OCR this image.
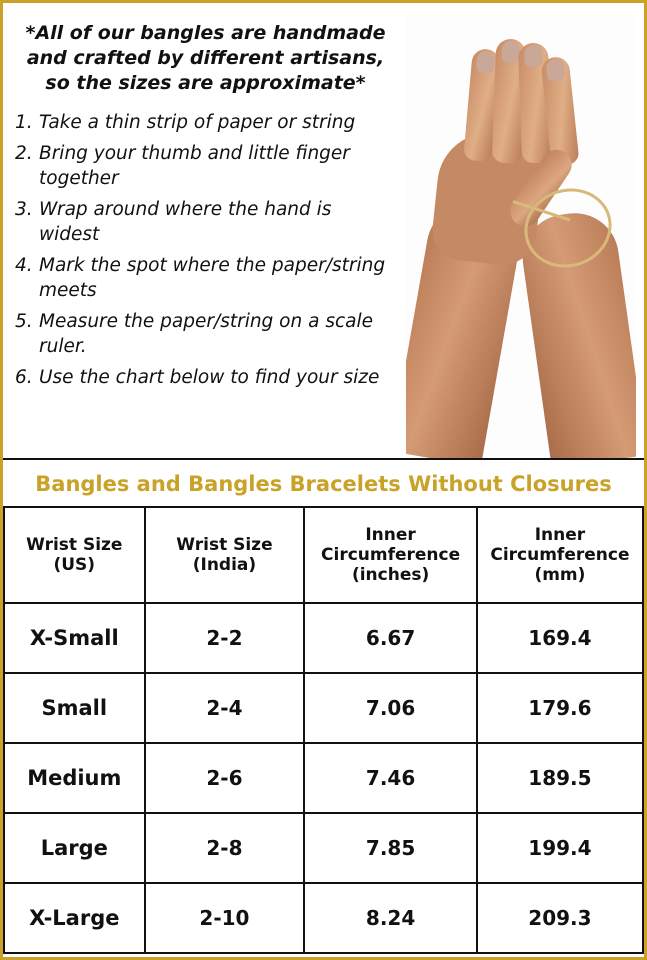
*All of our bangles are handmade and crafted by different artisans, so the sizes are approximate*
1. Take a thin strip of paper or string
2. Bring your thumb and little finger together
3. Wrap around where the hand is widest
4. Mark the spot where the paper/string meets
5. Measure the paper/string on a scale ruler.
6. Use the chart below to find your size
Bangles and Bangles Bracelets Without Closures
Wrist Size
(US)

Wrist Size
(India)

Inner
Circumference
(inches)

Inner
Circumference
(mm)

X-Small	2-2	6.67	169.4
Small	2-4	7.06	179.6
Medium	2-6	7.46	189.5
Large	2-8	7.85	199.4
X-Large	2-10	8.24	209.3
